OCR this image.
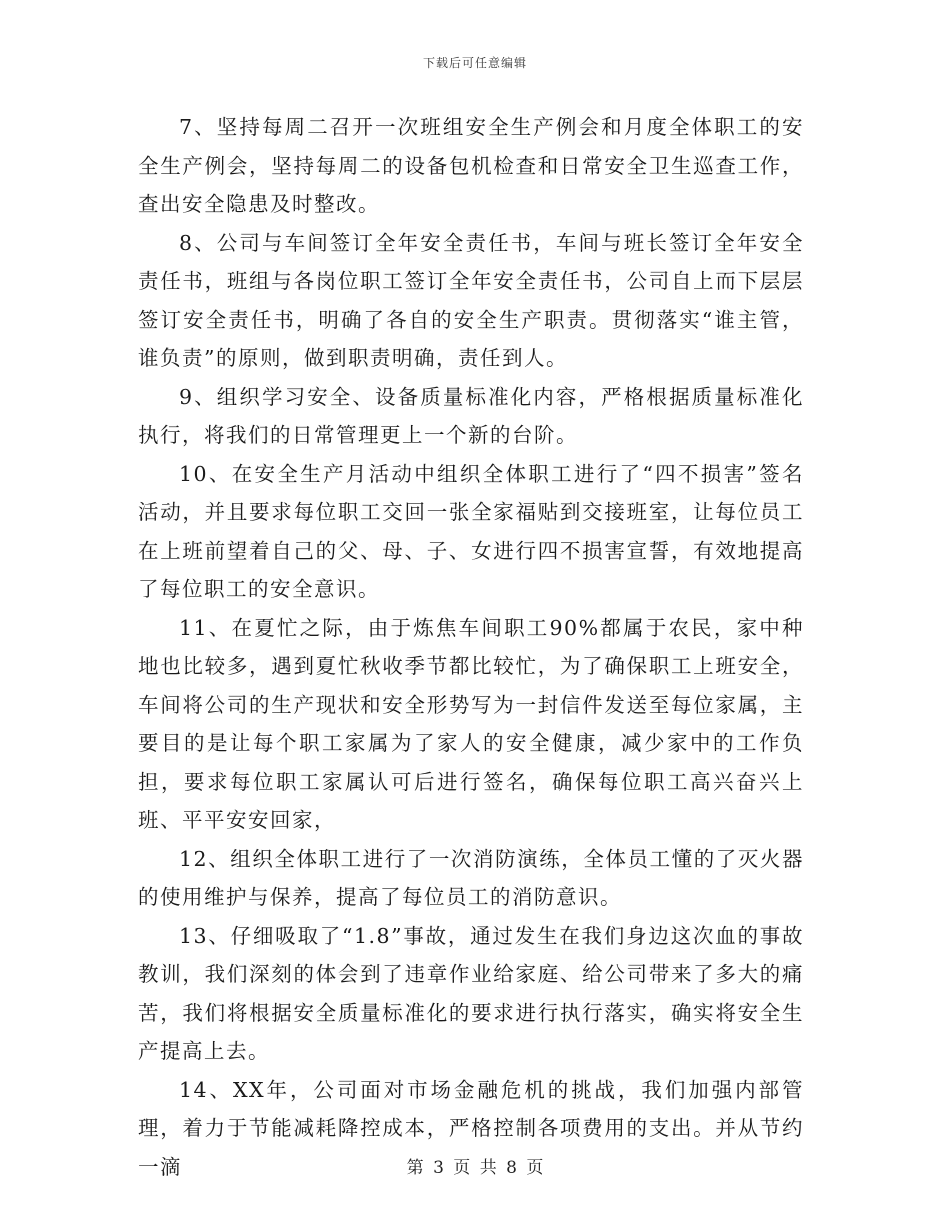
下载后可任意编辑

7、坚持每周二召开一次班组安全生产例会和月度全体职工的安全生产例会，坚持每周二的设备包机检查和日常安全卫生巡查工作，查出安全隐患及时整改。

8、公司与车间签订全年安全责任书，车间与班长签订全年安全责任书，班组与各岗位职工签订全年安全责任书，公司自上而下层层签订安全责任书，明确了各自的安全生产职责。贯彻落实“谁主管，谁负责”的原则，做到职责明确，责任到人。

9、组织学习安全、设备质量标准化内容，严格根据质量标准化执行，将我们的日常管理更上一个新的台阶。

10、在安全生产月活动中组织全体职工进行了“四不损害”签名活动，并且要求每位职工交回一张全家福贴到交接班室，让每位员工在上班前望着自己的父、母、子、女进行四不损害宣誓，有效地提高了每位职工的安全意识。

11、在夏忙之际，由于炼焦车间职工90%都属于农民，家中种地也比较多，遇到夏忙秋收季节都比较忙，为了确保职工上班安全，车间将公司的生产现状和安全形势写为一封信件发送至每位家属，主要目的是让每个职工家属为了家人的安全健康，减少家中的工作负担，要求每位职工家属认可后进行签名，确保每位职工高兴奋兴上班、平平安安回家，

12、组织全体职工进行了一次消防演练，全体员工懂的了灭火器的使用维护与保养，提高了每位员工的消防意识。

13、仔细吸取了“1.8”事故，通过发生在我们身边这次血的事故教训，我们深刻的体会到了违章作业给家庭、给公司带来了多大的痛苦，我们将根据安全质量标准化的要求进行执行落实，确实将安全生产提高上去。

14、XX年，公司面对市场金融危机的挑战，我们加强内部管理，着力于节能减耗降控成本，严格控制各项费用的支出。并从节约一滴	第 3 页 共 8 页
